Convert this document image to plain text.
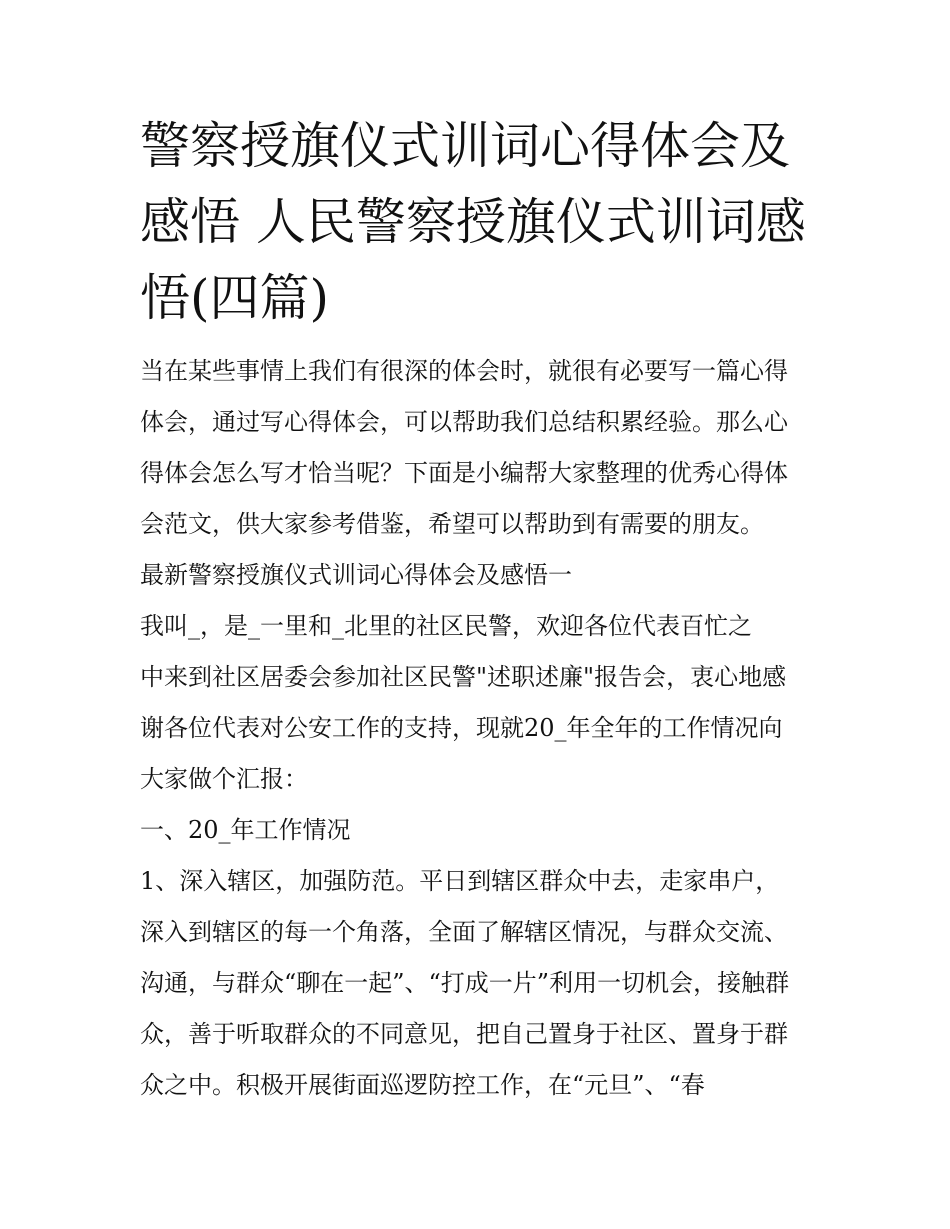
警察授旗仪式训词心得体会及
感悟 人民警察授旗仪式训词感
悟(四篇)
当在某些事情上我们有很深的体会时，就很有必要写一篇心得
体会，通过写心得体会，可以帮助我们总结积累经验。那么心
得体会怎么写才恰当呢？下面是小编帮大家整理的优秀心得体
会范文，供大家参考借鉴，希望可以帮助到有需要的朋友。
最新警察授旗仪式训词心得体会及感悟一
我叫_，是_一里和_北里的社区民警，欢迎各位代表百忙之
中来到社区居委会参加社区民警"述职述廉"报告会，衷心地感
谢各位代表对公安工作的支持，现就20_年全年的工作情况向
大家做个汇报：
一、20_年工作情况
1、深入辖区，加强防范。平日到辖区群众中去，走家串户，
深入到辖区的每一个角落，全面了解辖区情况，与群众交流、
沟通，与群众“聊在一起”、“打成一片”利用一切机会，接触群
众，善于听取群众的不同意见，把自己置身于社区、置身于群
众之中。积极开展街面巡逻防控工作，在“元旦”、“春
